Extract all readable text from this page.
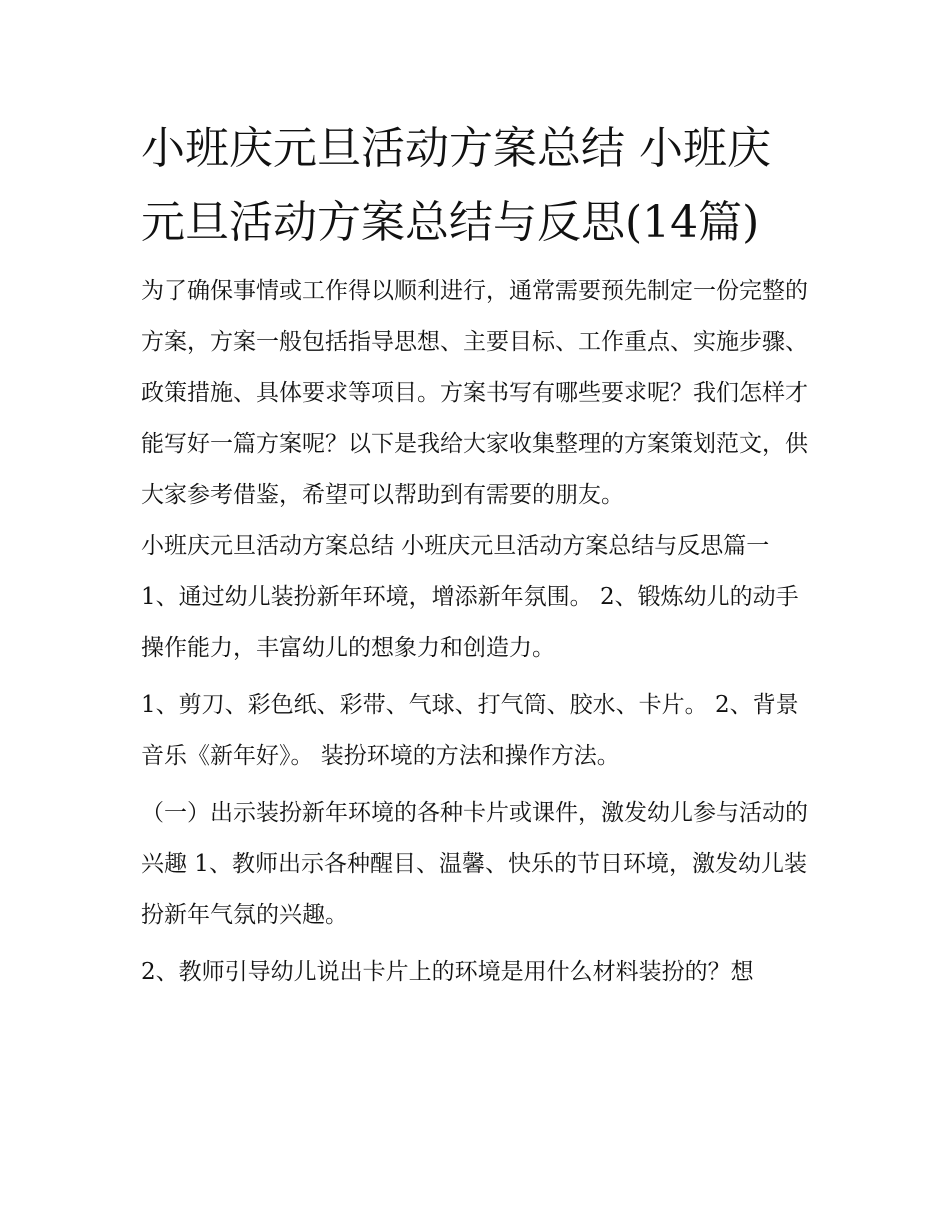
小班庆元旦活动方案总结 小班庆元旦活动方案总结与反思(14篇)

为了确保事情或工作得以顺利进行，通常需要预先制定一份完整的方案，方案一般包括指导思想、主要目标、工作重点、实施步骤、政策措施、具体要求等项目。方案书写有哪些要求呢？我们怎样才能写好一篇方案呢？以下是我给大家收集整理的方案策划范文，供大家参考借鉴，希望可以帮助到有需要的朋友。

小班庆元旦活动方案总结 小班庆元旦活动方案总结与反思篇一 1、通过幼儿装扮新年环境，增添新年氛围。 2、锻炼幼儿的动手操作能力，丰富幼儿的想象力和创造力。

1、剪刀、彩色纸、彩带、气球、打气筒、胶水、卡片。 2、背景音乐《新年好》。 装扮环境的方法和操作方法。

（一）出示装扮新年环境的各种卡片或课件，激发幼儿参与活动的兴趣 1、教师出示各种醒目、温馨、快乐的节日环境，激发幼儿装扮新年气氛的兴趣。

2、教师引导幼儿说出卡片上的环境是用什么材料装扮的？想
